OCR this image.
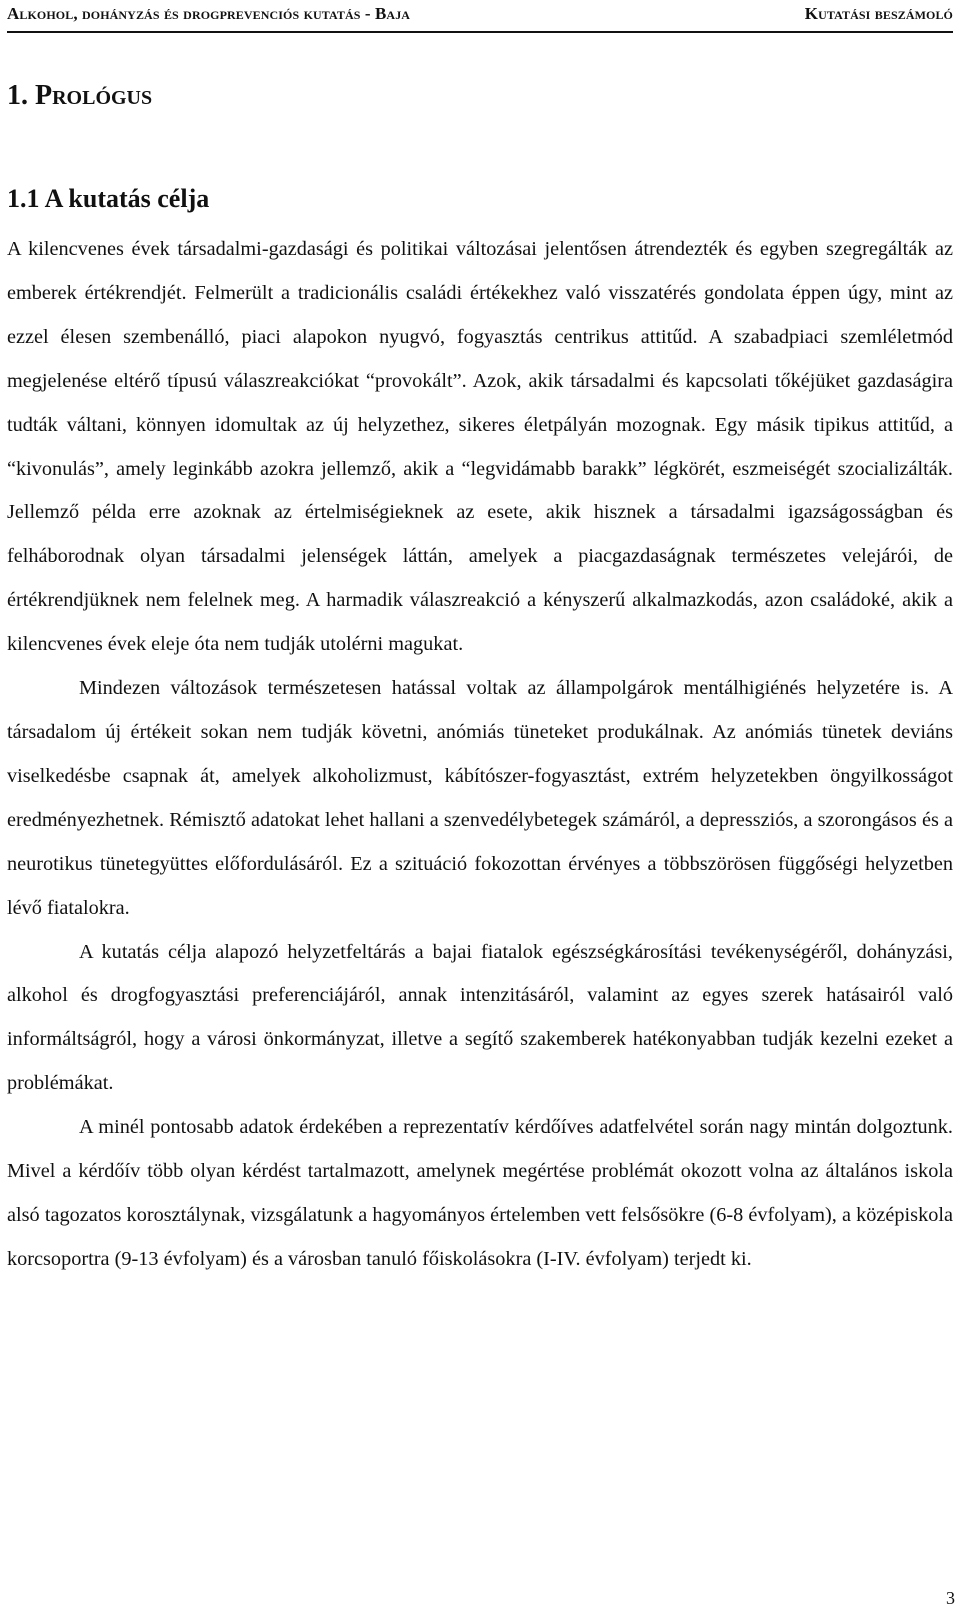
Alkohol, dohányzás és drogprevenciós kutatás - Baja	Kutatási beszámoló
1. Prológus
1.1 A kutatás célja

A kilencvenes évek társadalmi-gazdasági és politikai változásai jelentősen átrendezték és egyben szegregálták az emberek értékrendjét. Felmerült a tradicionális családi értékekhez való visszatérés gondolata éppen úgy, mint az ezzel élesen szembenálló, piaci alapokon nyugvó, fogyasztás centrikus attitűd. A szabadpiaci szemléletmód megjelenése eltérő típusú válaszreakciókat “provokált”. Azok, akik társadalmi és kapcsolati tőkéjüket gazdaságira tudták váltani, könnyen idomultak az új helyzethez, sikeres életpályán mozognak. Egy másik tipikus attitűd, a “kivonulás”, amely leginkább azokra jellemző, akik a “legvidámabb barakk” légkörét, eszmeiségét szocializálták. Jellemző példa erre azoknak az értelmiségieknek az esete, akik hisznek a társadalmi igazságosságban és felháborodnak olyan társadalmi jelenségek láttán, amelyek a piacgazdaságnak természetes velejárói, de értékrendjüknek nem felelnek meg. A harmadik válaszreakció a kényszerű alkalmazkodás, azon családoké, akik a kilencvenes évek eleje óta nem tudják utolérni magukat.

Mindezen változások természetesen hatással voltak az állampolgárok mentálhigiénés helyzetére is. A társadalom új értékeit sokan nem tudják követni, anómiás tüneteket produkálnak. Az anómiás tünetek deviáns viselkedésbe csapnak át, amelyek alkoholizmust, kábítószer-fogyasztást, extrém helyzetekben öngyilkosságot eredményezhetnek. Rémisztő adatokat lehet hallani a szenvedélybetegek számáról, a depressziós, a szorongásos és a neurotikus tünetegyüttes előfordulásáról. Ez a szituáció fokozottan érvényes a többszörösen függőségi helyzetben lévő fiatalokra.

A kutatás célja alapozó helyzetfeltárás a bajai fiatalok egészségkárosítási tevékenységéről, dohányzási, alkohol és drogfogyasztási preferenciájáról, annak intenzitásáról, valamint az egyes szerek hatásairól való informáltságról, hogy a városi önkormányzat, illetve a segítő szakemberek hatékonyabban tudják kezelni ezeket a problémákat.

A minél pontosabb adatok érdekében a reprezentatív kérdőíves adatfelvétel során nagy mintán dolgoztunk. Mivel a kérdőív több olyan kérdést tartalmazott, amelynek megértése problémát okozott volna az általános iskola alsó tagozatos korosztálynak, vizsgálatunk a hagyományos értelemben vett felsősökre (6-8 évfolyam), a középiskola korcsoportra (9-13 évfolyam) és a városban tanuló főiskolásokra (I-IV. évfolyam) terjedt ki.

3
